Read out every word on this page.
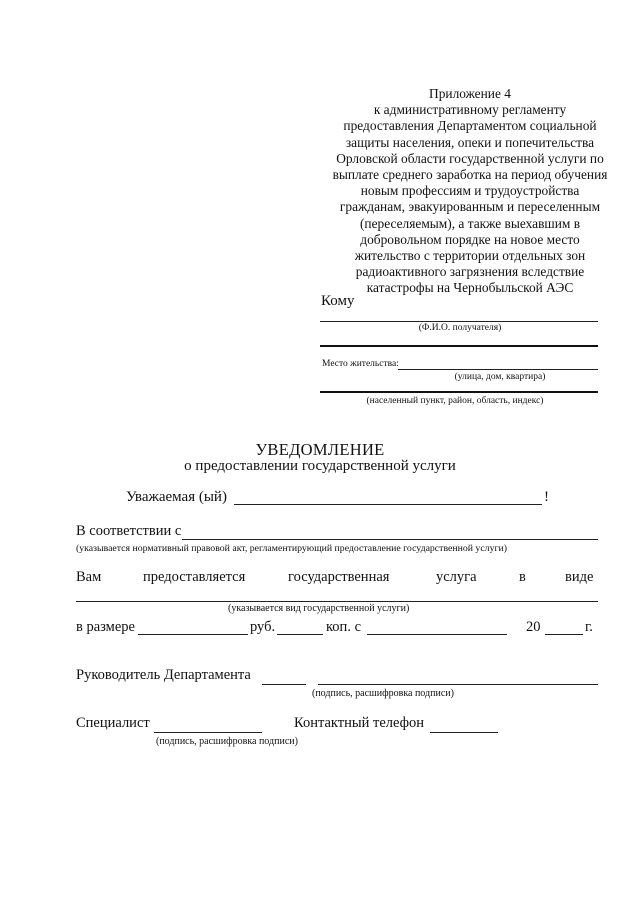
Приложение 4
к административному регламенту
предоставления Департаментом социальной
защиты населения, опеки и попечительства
Орловской области государственной услуги по
выплате среднего заработка на период обучения
новым профессиям и трудоустройства
гражданам, эвакуированным и переселенным
(переселяемым), а также выехавшим в
добровольном порядке на новое место
жительство с территории отдельных зон
радиоактивного загрязнения вследствие
катастрофы на Чернобыльской АЭС
Кому
(Ф.И.О. получателя)
Место жительства:
(улица, дом, квартира)
(населенный пункт, район, область, индекс)
УВЕДОМЛЕНИЕ
о предоставлении государственной услуги
Уважаемая (ый)	!
В соответствии с
(указывается нормативный правовой акт, регламентирующий предоставление государственной услуги)
Вам	предоставляется	государственная	услуга	в	виде
(указывается вид государственной услуги)
в размере	руб.	коп. с	20	г.
Руководитель Департамента
(подпись, расшифровка подписи)
Специалист	Контактный телефон
(подпись, расшифровка подписи)
